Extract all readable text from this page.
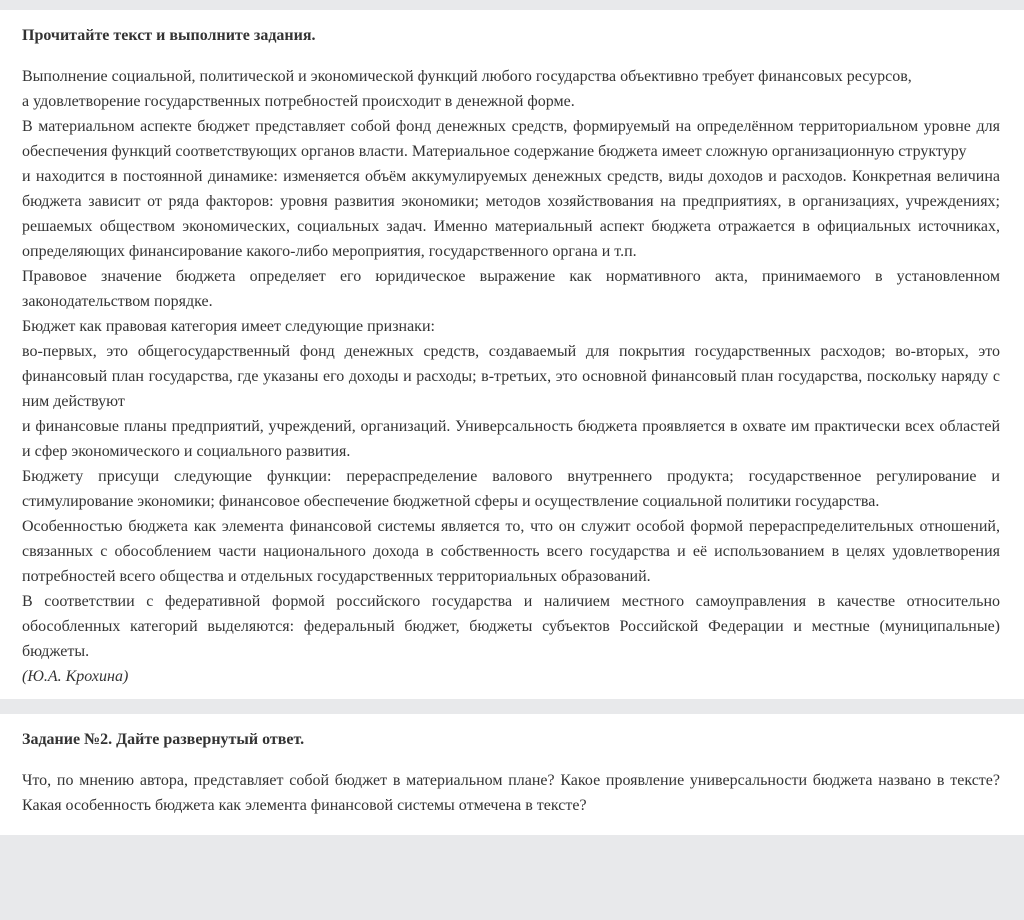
Прочитайте текст и выполните задания.

Выполнение социальной, политической и экономической функций любого государства объективно требует финансовых ресурсов,

а удовлетворение государственных потребностей происходит в денежной форме.

В материальном аспекте бюджет представляет собой фонд денежных средств, формируемый на определённом территориальном уровне для обеспечения функций соответствующих органов власти. Материальное содержание бюджета имеет сложную организационную структуру

и находится в постоянной динамике: изменяется объём аккумулируемых денежных средств, виды доходов и расходов. Конкретная величина бюджета зависит от ряда факторов: уровня развития экономики; методов хозяйствования на предприятиях, в организациях, учреждениях; решаемых обществом экономических, социальных задач. Именно материальный аспект бюджета отражается в официальных источниках, определяющих финансирование какого-либо мероприятия, государственного органа и т.п.

Правовое значение бюджета определяет его юридическое выражение как нормативного акта, принимаемого в установленном законодательством порядке.

Бюджет как правовая категория имеет следующие признаки:

во-первых, это общегосударственный фонд денежных средств, создаваемый для покрытия государственных расходов; во-вторых, это финансовый план государства, где указаны его доходы и расходы; в-третьих, это основной финансовый план государства, поскольку наряду с ним действуют

и финансовые планы предприятий, учреждений, организаций. Универсальность бюджета проявляется в охвате им практически всех областей и сфер экономического и социального развития.

Бюджету присущи следующие функции: перераспределение валового внутреннего продукта; государственное регулирование и стимулирование экономики; финансовое обеспечение бюджетной сферы и осуществление социальной политики государства.

Особенностью бюджета как элемента финансовой системы является то, что он служит особой формой перераспределительных отношений, связанных с обособлением части национального дохода в собственность всего государства и её использованием в целях удовлетворения потребностей всего общества и отдельных государственных территориальных образований.

В соответствии с федеративной формой российского государства и наличием местного самоуправления в качестве относительно обособленных категорий выделяются: федеральный бюджет, бюджеты субъектов Российской Федерации и местные (муниципальные) бюджеты.

(Ю.А. Крохина)

Задание №2. Дайте развернутый ответ.

Что, по мнению автора, представляет собой бюджет в материальном плане? Какое проявление универсальности бюджета названо в тексте? Какая особенность бюджета как элемента финансовой системы отмечена в тексте?
